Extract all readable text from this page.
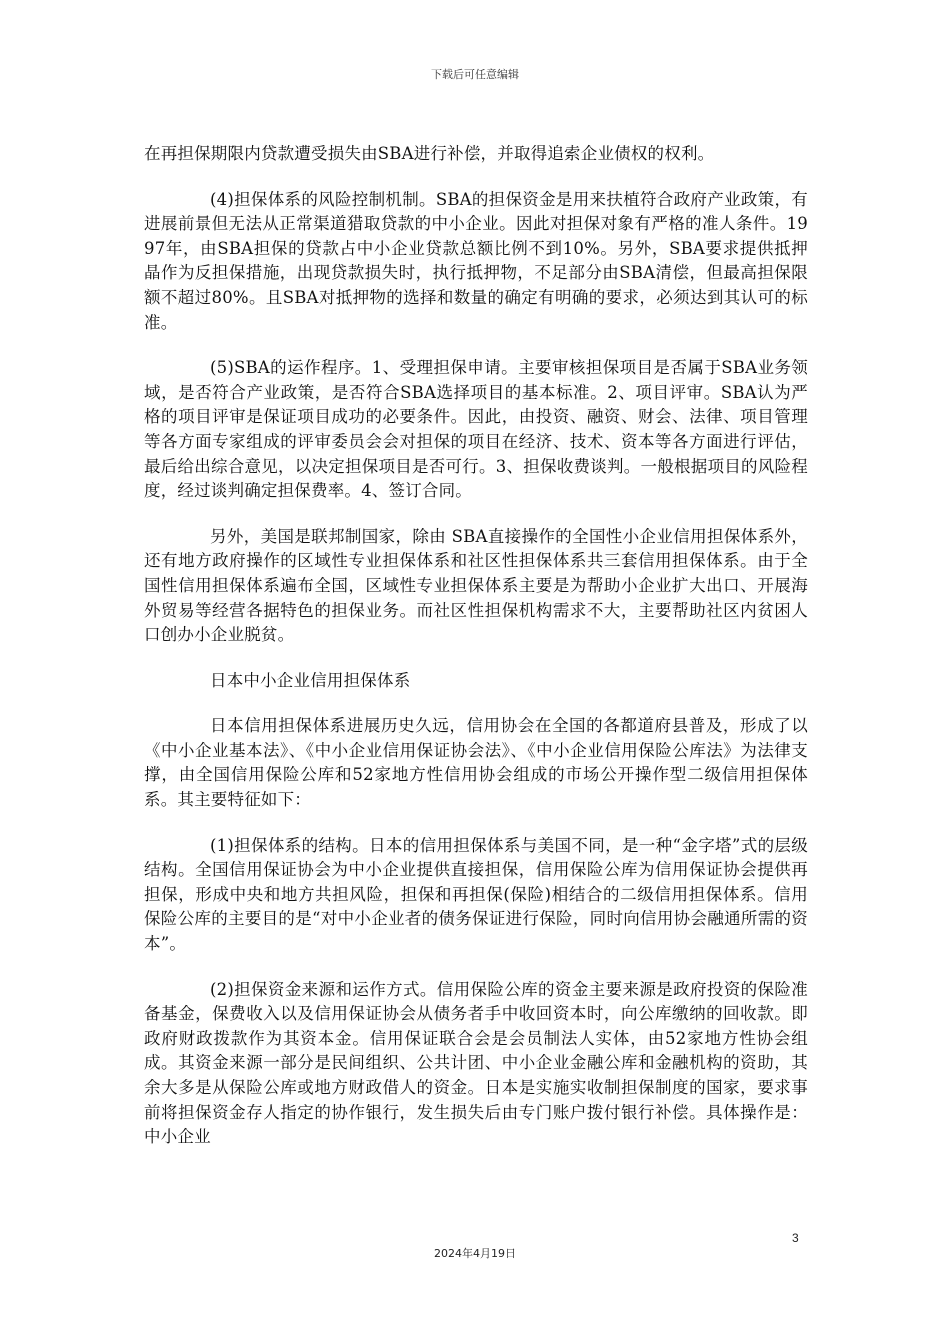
下载后可任意编辑

在再担保期限内贷款遭受损失由SBA进行补偿，并取得追索企业债权的权利。

(4)担保体系的风险控制机制。SBA的担保资金是用来扶植符合政府产业政策，有进展前景但无法从正常渠道猎取贷款的中小企业。因此对担保对象有严格的准人条件。1997年，由SBA担保的贷款占中小企业贷款总额比例不到10%。另外，SBA要求提供抵押晶作为反担保措施，出现贷款损失时，执行抵押物，不足部分由SBA清偿，但最高担保限额不超过80%。且SBA对抵押物的选择和数量的确定有明确的要求，必须达到其认可的标准。

(5)SBA的运作程序。1、受理担保申请。主要审核担保项目是否属于SBA业务领域，是否符合产业政策，是否符合SBA选择项目的基本标准。2、项目评审。SBA认为严格的项目评审是保证项目成功的必要条件。因此，由投资、融资、财会、法律、项目管理等各方面专家组成的评审委员会会对担保的项目在经济、技术、资本等各方面进行评估，最后给出综合意见，以决定担保项目是否可行。3、担保收费谈判。一般根据项目的风险程度，经过谈判确定担保费率。4、签订合同。

另外，美国是联邦制国家，除由 SBA直接操作的全国性小企业信用担保体系外，还有地方政府操作的区域性专业担保体系和社区性担保体系共三套信用担保体系。由于全国性信用担保体系遍布全国，区域性专业担保体系主要是为帮助小企业扩大出口、开展海外贸易等经营各据特色的担保业务。而社区性担保机构需求不大，主要帮助社区内贫困人口创办小企业脱贫。

日本中小企业信用担保体系

日本信用担保体系进展历史久远，信用协会在全国的各都道府县普及，形成了以《中小企业基本法》、《中小企业信用保证协会法》、《中小企业信用保险公库法》为法律支撑，由全国信用保险公库和52家地方性信用协会组成的市场公开操作型二级信用担保体系。其主要特征如下：

(1)担保体系的结构。日本的信用担保体系与美国不同，是一种“金字塔”式的层级结构。全国信用保证协会为中小企业提供直接担保，信用保险公库为信用保证协会提供再担保，形成中央和地方共担风险，担保和再担保(保险)相结合的二级信用担保体系。信用保险公库的主要目的是“对中小企业者的债务保证进行保险，同时向信用协会融通所需的资本”。

(2)担保资金来源和运作方式。信用保险公库的资金主要来源是政府投资的保险准备基金，保费收入以及信用保证协会从债务者手中收回资本时，向公库缴纳的回收款。即政府财政拨款作为其资本金。信用保证联合会是会员制法人实体，由52家地方性协会组成。其资金来源一部分是民间组织、公共计团、中小企业金融公库和金融机构的资助，其余大多是从保险公库或地方财政借人的资金。日本是实施实收制担保制度的国家，要求事前将担保资金存人指定的协作银行，发生损失后由专门账户拨付银行补偿。具体操作是：中小企业

3
2024年4月19日
